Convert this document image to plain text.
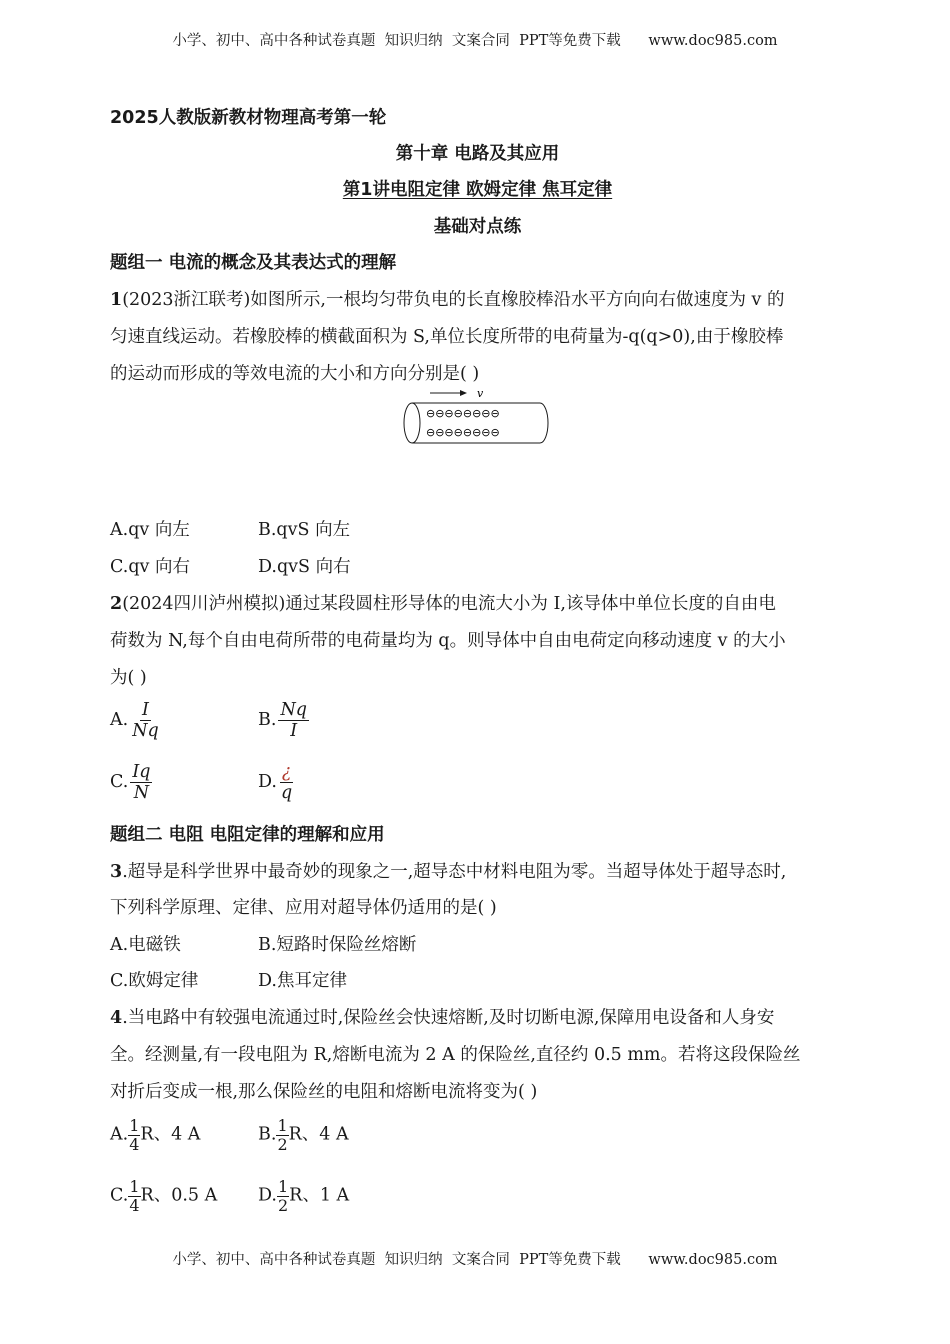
小学、初中、高中各种试卷真题  知识归纳  文案合同  PPT等免费下载      www.doc985.com
2025人教版新教材物理高考第一轮
第十章 电路及其应用
第1讲电阻定律 欧姆定律 焦耳定律
基础对点练
题组一 电流的概念及其表达式的理解
1(2023浙江联考)如图所示,一根均匀带负电的长直橡胶棒沿水平方向向右做速度为 v 的
匀速直线运动。若橡胶棒的横截面积为 S,单位长度所带的电荷量为-q(q>0),由于橡胶棒
的运动而形成的等效电流的大小和方向分别是( )
v
⊖⊖⊖⊖⊖⊖⊖⊖
⊖⊖⊖⊖⊖⊖⊖⊖
A.qv 向左	B.qvS 向左
C.qv 向右	D.qvS 向右
2(2024四川泸州模拟)通过某段圆柱形导体的电流大小为 I,该导体中单位长度的自由电
荷数为 N,每个自由电荷所带的电荷量均为 q。则导体中自由电荷定向移动速度 v 的大小
为( )
A. $\frac{I}{Nq}$	B. $\frac{Nq}{I}$
C. $\frac{Iq}{N}$	D. $\frac{¿}{q}$
题组二 电阻 电阻定律的理解和应用
3.超导是科学世界中最奇妙的现象之一,超导态中材料电阻为零。当超导体处于超导态时,
下列科学原理、定律、应用对超导体仍适用的是( )
A.电磁铁	B.短路时保险丝熔断
C.欧姆定律	D.焦耳定律
4.当电路中有较强电流通过时,保险丝会快速熔断,及时切断电源,保障用电设备和人身安
全。经测量,有一段电阻为 R,熔断电流为 2 A 的保险丝,直径约 0.5 mm。若将这段保险丝
对折后变成一根,那么保险丝的电阻和熔断电流将变为( )
A. $\frac{1}{4}$ R、4 A	B. $\frac{1}{2}$ R、4 A
C. $\frac{1}{4}$ R、0.5 A D. $\frac{1}{2}$ R、1 A
小学、初中、高中各种试卷真题  知识归纳  文案合同  PPT等免费下载      www.doc985.com
